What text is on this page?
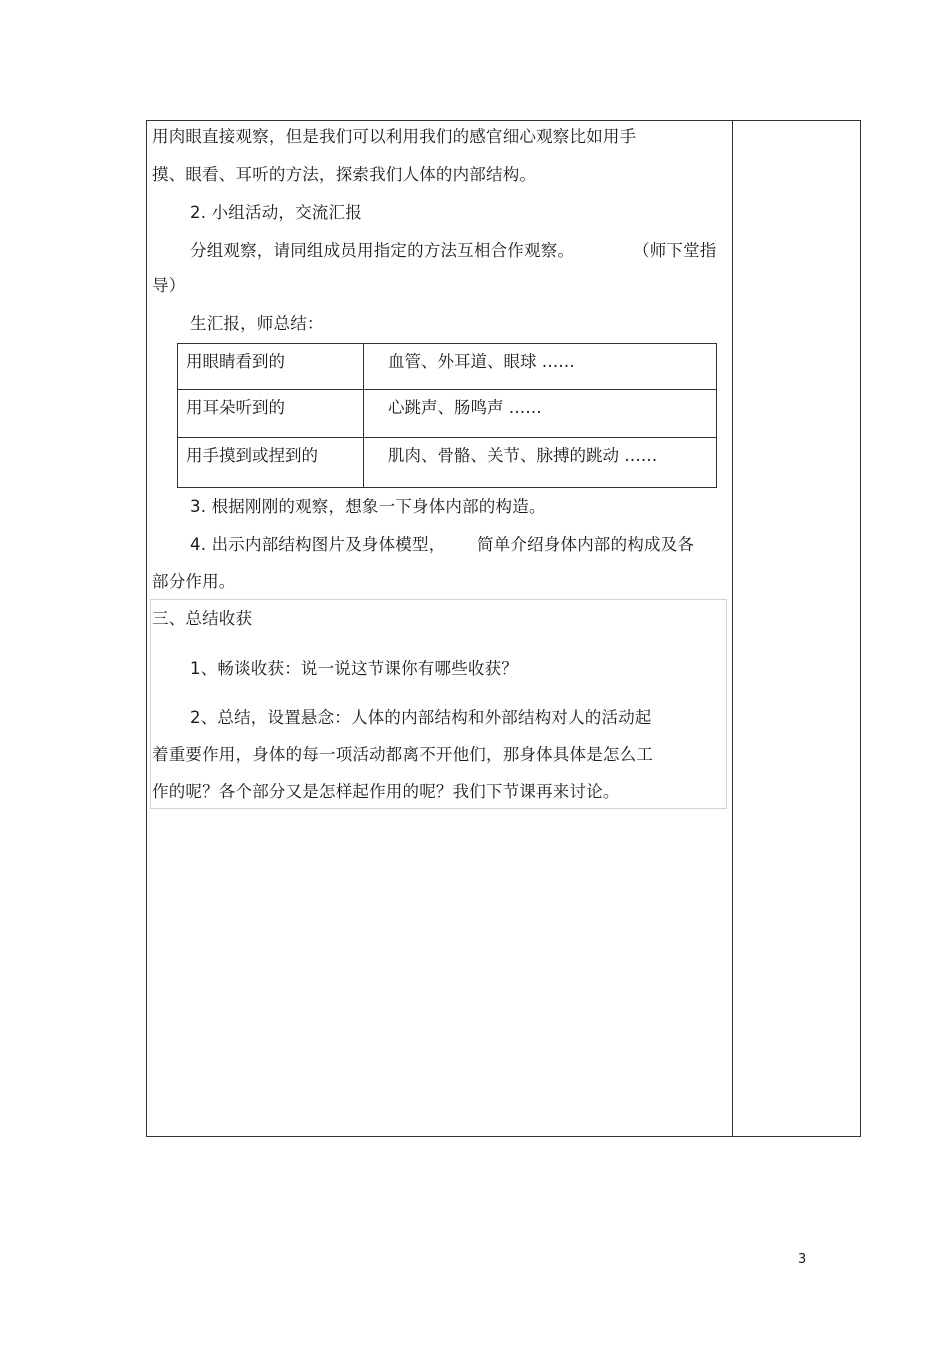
用肉眼直接观察，但是我们可以利用我们的感官细心观察比如用手
摸、眼看、耳听的方法，探索我们人体的内部结构。
2. 小组活动，交流汇报
分组观察，请同组成员用指定的方法互相合作观察。	（师下堂指
导）
生汇报，师总结：
用眼睛看到的	血管、外耳道、眼球 ……
用耳朵听到的	心跳声、肠鸣声 ……
用手摸到或捏到的	肌肉、骨骼、关节、脉搏的跳动 ……
3. 根据刚刚的观察，想象一下身体内部的构造。
4. 出示内部结构图片及身体模型， 简单介绍身体内部的构成及各
部分作用。
三、总结收获
1、畅谈收获：说一说这节课你有哪些收获？
2、总结，设置悬念：人体的内部结构和外部结构对人的活动起
着重要作用，身体的每一项活动都离不开他们，那身体具体是怎么工
作的呢？各个部分又是怎样起作用的呢？我们下节课再来讨论。
3
